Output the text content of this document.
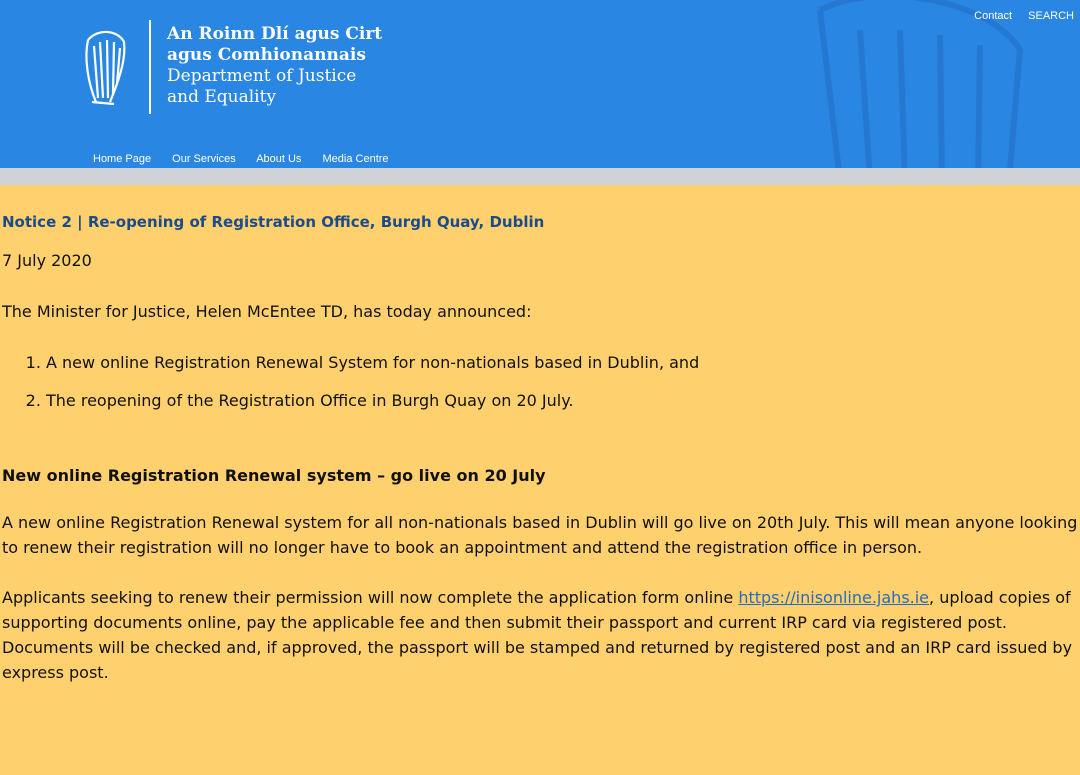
An Roinn Dlí agus Cirt
agus Comhionannais
Department of Justice
and Equality
Contact SEARCH
Home Page Our Services About Us Media Centre
Notice 2 | Re-opening of Registration Office, Burgh Quay, Dublin
7 July 2020
The Minister for Justice, Helen McEntee TD, has today announced:
1. A new online Registration Renewal System for non-nationals based in Dublin, and
2. The reopening of the Registration Office in Burgh Quay on 20 July.
New online Registration Renewal system – go live on 20 July

A new online Registration Renewal system for all non-nationals based in Dublin will go live on 20th July. This will mean anyone looking to renew their registration will no longer have to book an appointment and attend the registration office in person.

Applicants seeking to renew their permission will now complete the application form online https://inisonline.jahs.ie, upload copies of supporting documents online, pay the applicable fee and then submit their passport and current IRP card via registered post. Documents will be checked and, if approved, the passport will be stamped and returned by registered post and an IRP card issued by express post.
